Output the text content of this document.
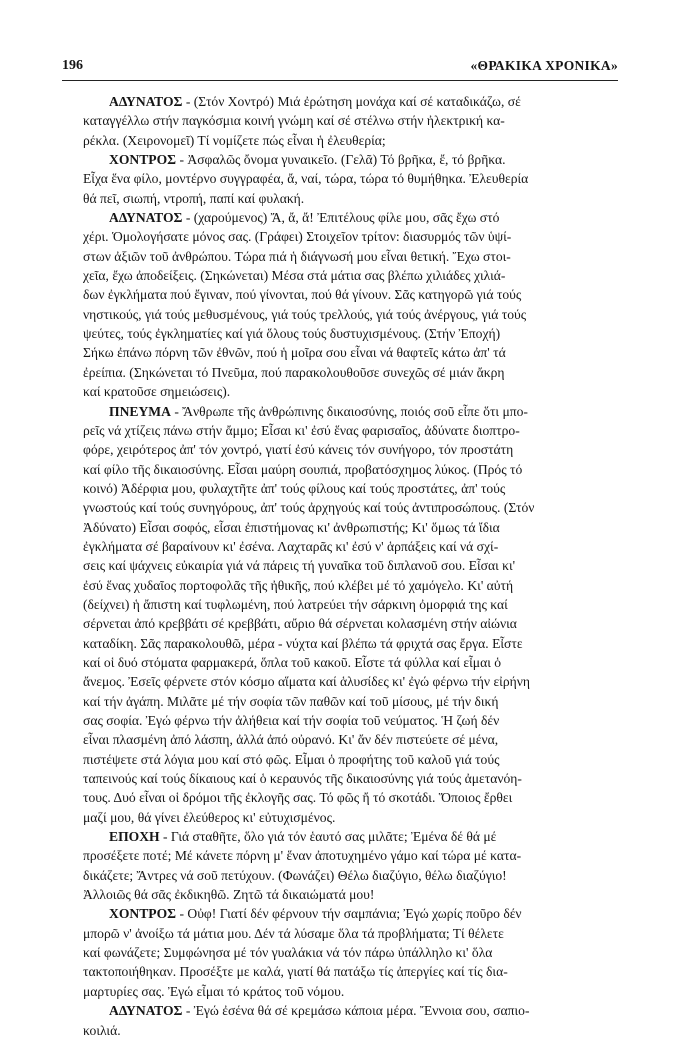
196	«ΘΡΑΚΙΚΑ ΧΡΟΝΙΚΑ»

ΑΔΥΝΑΤΟΣ - (Στόν Χοντρό) Μιά ἐρώτηση μονάχα καί σέ καταδικάζω, σέ
καταγγέλλω στήν παγκόσμια κοινή γνώμη καί σέ στέλνω στήν ἠλεκτρική κα-
ρέκλα. (Χειρονομεῖ) Τί νομίζετε πώς εἶναι ἡ ἐλευθερία;

ΧΟΝΤΡΟΣ - Ἀσφαλῶς ὄνομα γυναικεῖο. (Γελᾶ) Τό βρῆκα, ἔ, τό βρῆκα.
Εἶχα ἕνα φίλο, μοντέρνο συγγραφέα, ἄ, ναί, τώρα, τώρα τό θυμήθηκα. Ἐλευθερία
θά πεῖ, σιωπή, ντροπή, παπί καί φυλακή.

ΑΔΥΝΑΤΟΣ - (χαρούμενος) Ἄ, ἄ, ἄ! Ἐπιτέλους φίλε μου, σᾶς ἔχω στό
χέρι. Ὁμολογήσατε μόνος σας. (Γράφει) Στοιχεῖον τρίτον: διασυρμός τῶν ὑψί-
στων ἀξιῶν τοῦ ἀνθρώπου. Τώρα πιά ἡ διάγνωσή μου εἶναι θετική. Ἔχω στοι-
χεῖα, ἔχω ἀποδείξεις. (Σηκώνεται) Μέσα στά μάτια σας βλέπω χιλιάδες χιλιά-
δων ἐγκλήματα πού ἔγιναν, πού γίνονται, πού θά γίνουν. Σᾶς κατηγορῶ γιά τούς
νηστικούς, γιά τούς μεθυσμένους, γιά τούς τρελλούς, γιά τούς ἀνέργους, γιά τούς
ψεύτες, τούς ἐγκληματίες καί γιά ὅλους τούς δυστυχισμένους. (Στήν Ἐποχή)
Σήκω ἐπάνω πόρνη τῶν ἐθνῶν, πού ἡ μοῖρα σου εἶναι νά θαφτεῖς κάτω ἀπ' τά
ἐρείπια. (Σηκώνεται τό Πνεῦμα, πού παρακολουθοῦσε συνεχῶς σέ μιάν ἄκρη
καί κρατοῦσε σημειώσεις).

ΠΝΕΥΜΑ - Ἄνθρωπε τῆς ἀνθρώπινης δικαιοσύνης, ποιός σοῦ εἶπε ὅτι μπο-
ρεῖς νά χτίζεις πάνω στήν ἄμμο; Εἶσαι κι' ἐσύ ἕνας φαρισαῖος, ἀδύνατε διοπτρο-
φόρε, χειρότερος ἀπ' τόν χοντρό, γιατί ἐσύ κάνεις τόν συνήγορο, τόν προστάτη
καί φίλο τῆς δικαιοσύνης. Εἶσαι μαύρη σουπιά, προβατόσχημος λύκος. (Πρός τό
κοινό) Ἀδέρφια μου, φυλαχτῆτε ἀπ' τούς φίλους καί τούς προστάτες, ἀπ' τούς
γνωστούς καί τούς συνηγόρους, ἀπ' τούς ἀρχηγούς καί τούς ἀντιπροσώπους. (Στόν
Ἀδύνατο) Εἶσαι σοφός, εἶσαι ἐπιστήμονας κι' ἀνθρωπιστής; Κι' ὅμως τά ἴδια
ἐγκλήματα σέ βαραίνουν κι' ἐσένα. Λαχταρᾶς κι' ἐσύ ν' ἁρπάξεις καί νά σχί-
σεις καί ψάχνεις εὐκαιρία γιά νά πάρεις τή γυναῖκα τοῦ διπλανοῦ σου. Εἶσαι κι'
ἐσύ ἕνας χυδαῖος πορτοφολᾶς τῆς ἠθικῆς, πού κλέβει μέ τό χαμόγελο. Κι' αὐτή
(δείχνει) ἡ ἄπιστη καί τυφλωμένη, πού λατρεύει τήν σάρκινη ὀμορφιά της καί
σέρνεται ἀπό κρεββάτι σέ κρεββάτι, αὔριο θά σέρνεται κολασμένη στήν αἰώνια
καταδίκη. Σᾶς παρακολουθῶ, μέρα - νύχτα καί βλέπω τά φριχτά σας ἔργα. Εἶστε
καί οἱ δυό στόματα φαρμακερά, ὅπλα τοῦ κακοῦ. Εἶστε τά φύλλα καί εἶμαι ὁ
ἄνεμος. Ἐσεῖς φέρνετε στόν κόσμο αἵματα καί ἁλυσίδες κι' ἐγώ φέρνω τήν εἰρήνη
καί τήν ἀγάπη. Μιλᾶτε μέ τήν σοφία τῶν παθῶν καί τοῦ μίσους, μέ τήν δική
σας σοφία. Ἐγώ φέρνω τήν ἀλήθεια καί τήν σοφία τοῦ νεύματος. Ἡ ζωή δέν
εἶναι πλασμένη ἀπό λάσπη, ἀλλά ἀπό οὐρανό. Κι' ἄν δέν πιστεύετε σέ μένα,
πιστέψετε στά λόγια μου καί στό φῶς. Εἶμαι ὁ προφήτης τοῦ καλοῦ γιά τούς
ταπεινούς καί τούς δίκαιους καί ὁ κεραυνός τῆς δικαιοσύνης γιά τούς ἀμετανόη-
τους. Δυό εἶναι οἱ δρόμοι τῆς ἐκλογῆς σας. Τό φῶς ἤ τό σκοτάδι. Ὅποιος ἔρθει
μαζί μου, θά γίνει ἐλεύθερος κι' εὐτυχισμένος.

ΕΠΟΧΗ - Γιά σταθῆτε, ὅλο γιά τόν ἑαυτό σας μιλᾶτε; Ἐμένα δέ θά μέ
προσέξετε ποτέ; Μέ κάνετε πόρνη μ' ἕναν ἀποτυχημένο γάμο καί τώρα μέ κατα-
δικάζετε; Ἄντρες νά σοῦ πετύχουν. (Φωνάζει) Θέλω διαζύγιο, θέλω διαζύγιο!
Ἀλλοιῶς θά σᾶς ἐκδικηθῶ. Ζητῶ τά δικαιώματά μου!

ΧΟΝΤΡΟΣ - Οὐφ! Γιατί δέν φέρνουν τήν σαμπάνια; Ἐγώ χωρίς ποῦρο δέν
μπορῶ ν' ἀνοίξω τά μάτια μου. Δέν τά λύσαμε ὅλα τά προβλήματα; Τί θέλετε
καί φωνάζετε; Συμφώνησα μέ τόν γυαλάκια νά τόν πάρω ὑπάλληλο κι' ὅλα
τακτοποιήθηκαν. Προσέξτε με καλά, γιατί θά πατάξω τίς ἀπεργίες καί τίς δια-
μαρτυρίες σας. Ἐγώ εἶμαι τό κράτος τοῦ νόμου.

ΑΔΥΝΑΤΟΣ - Ἐγώ ἐσένα θά σέ κρεμάσω κάποια μέρα. Ἔννοια σου, σαπιο-
κοιλιά.
